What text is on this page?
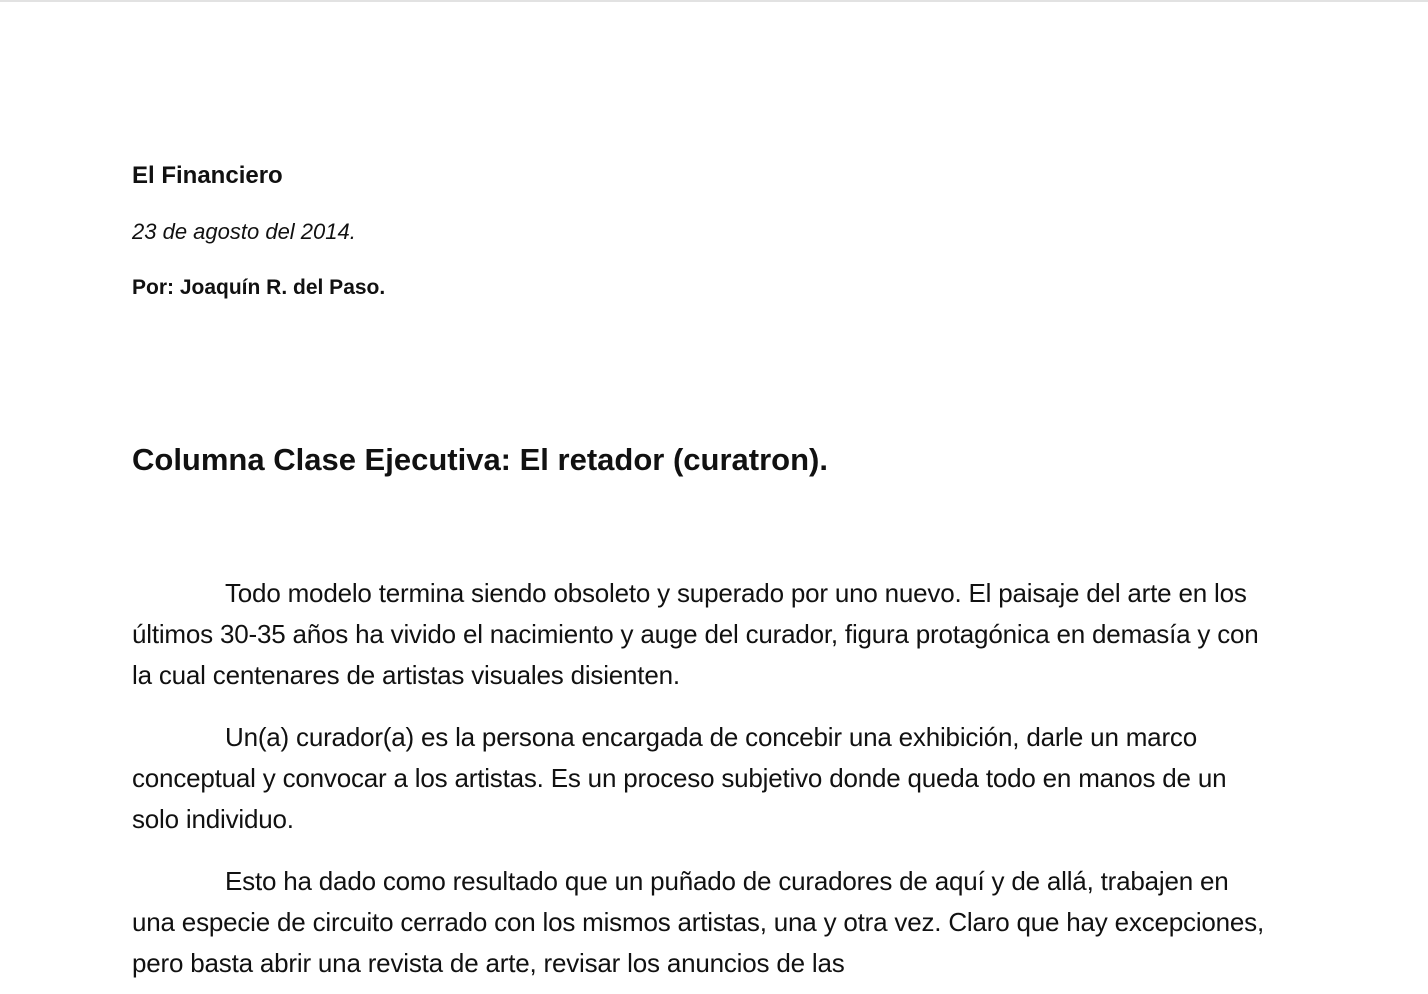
El Financiero

23 de agosto del 2014.

Por: Joaquín R. del Paso.

Columna Clase Ejecutiva: El retador (curatron).

Todo modelo termina siendo obsoleto y superado por uno nuevo. El paisaje del arte en los últimos 30-35 años ha vivido el nacimiento y auge del curador, figura protagónica en demasía y con la cual centenares de artistas visuales disienten.

Un(a) curador(a) es la persona encargada de concebir una exhibición, darle un marco conceptual y convocar a los artistas. Es un proceso subjetivo donde queda todo en manos de un solo individuo.

Esto ha dado como resultado que un puñado de curadores de aquí y de allá, trabajen en una especie de circuito cerrado con los mismos artistas, una y otra vez. Claro que hay excepciones, pero basta abrir una revista de arte, revisar los anuncios de las
